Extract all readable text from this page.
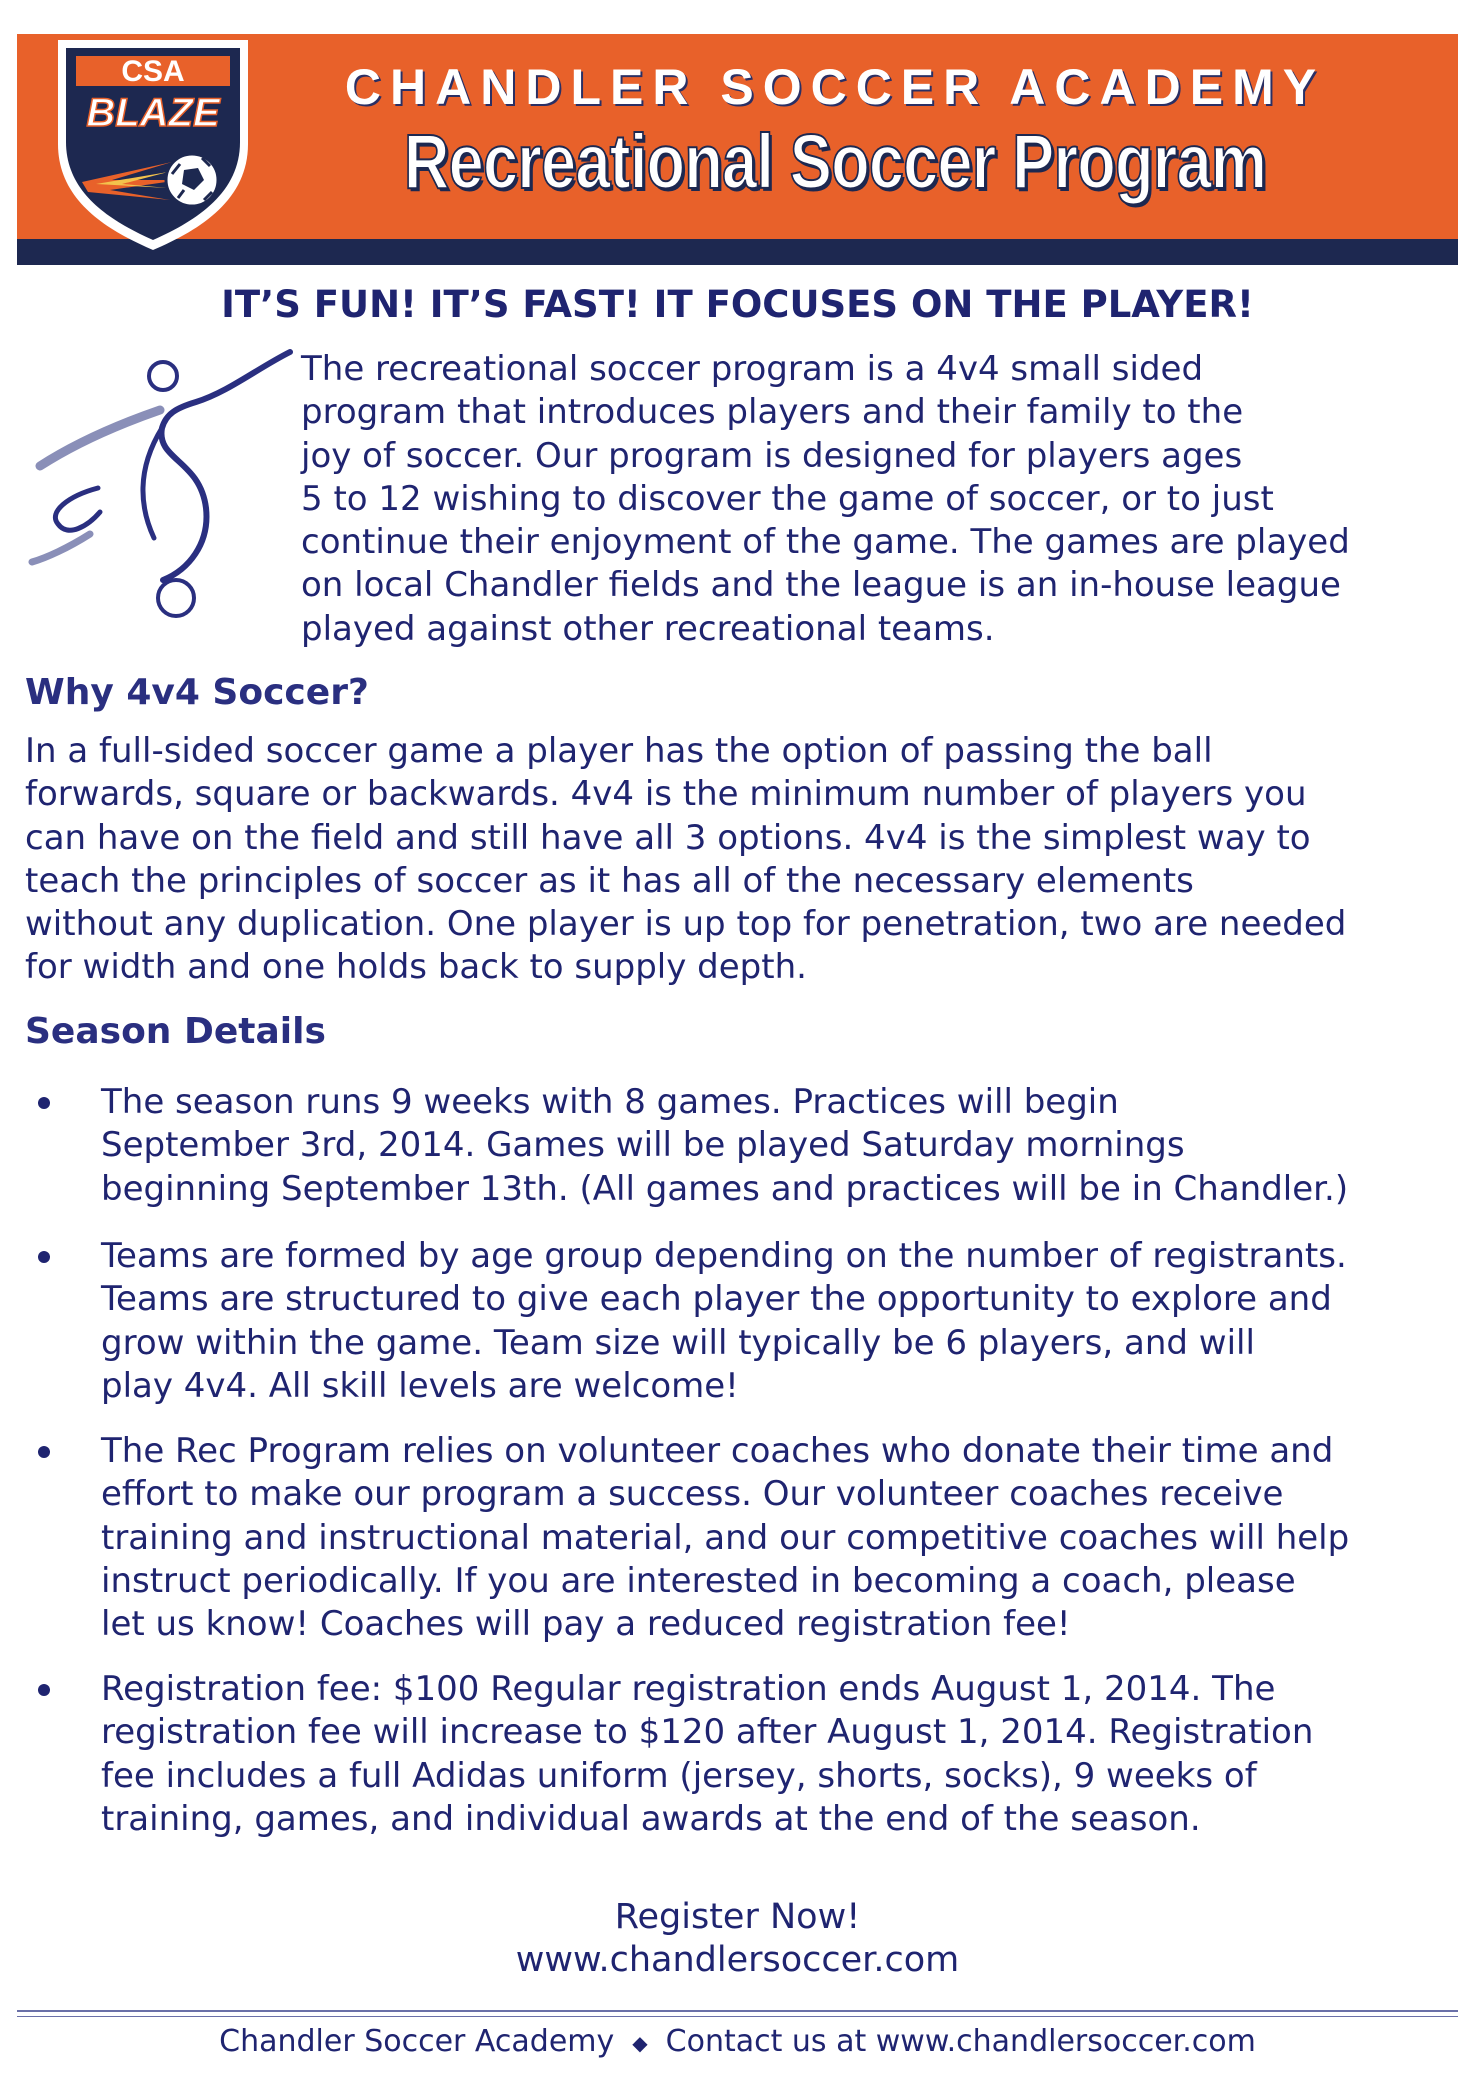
CSA
BLAZE	CHANDLER SOCCER ACADEMY
Recreational Soccer Program
IT’S FUN! IT’S FAST! IT FOCUSES ON THE PLAYER!
The recreational soccer program is a 4v4 small sided
program that introduces players and their family to the
joy of soccer. Our program is designed for players ages
5 to 12 wishing to discover the game of soccer, or to just
continue their enjoyment of the game. The games are played
on local Chandler fields and the league is an in-house league
played against other recreational teams.
Why 4v4 Soccer?
In a full-sided soccer game a player has the option of passing the ball
forwards, square or backwards. 4v4 is the minimum number of players you
can have on the field and still have all 3 options. 4v4 is the simplest way to
teach the principles of soccer as it has all of the necessary elements
without any duplication. One player is up top for penetration, two are needed
for width and one holds back to supply depth.
Season Details
The season runs 9 weeks with 8 games. Practices will begin
September 3rd, 2014. Games will be played Saturday mornings
beginning September 13th. (All games and practices will be in Chandler.)
Teams are formed by age group depending on the number of registrants.
Teams are structured to give each player the opportunity to explore and
grow within the game. Team size will typically be 6 players, and will
play 4v4. All skill levels are welcome!
The Rec Program relies on volunteer coaches who donate their time and
effort to make our program a success. Our volunteer coaches receive
training and instructional material, and our competitive coaches will help
instruct periodically. If you are interested in becoming a coach, please
let us know! Coaches will pay a reduced registration fee!
Registration fee: $100 Regular registration ends August 1, 2014. The
registration fee will increase to $120 after August 1, 2014. Registration
fee includes a full Adidas uniform (jersey, shorts, socks), 9 weeks of
training, games, and individual awards at the end of the season.
Register Now!
www.chandlersoccer.com
Chandler Soccer Academy ◆ Contact us at www.chandlersoccer.com
